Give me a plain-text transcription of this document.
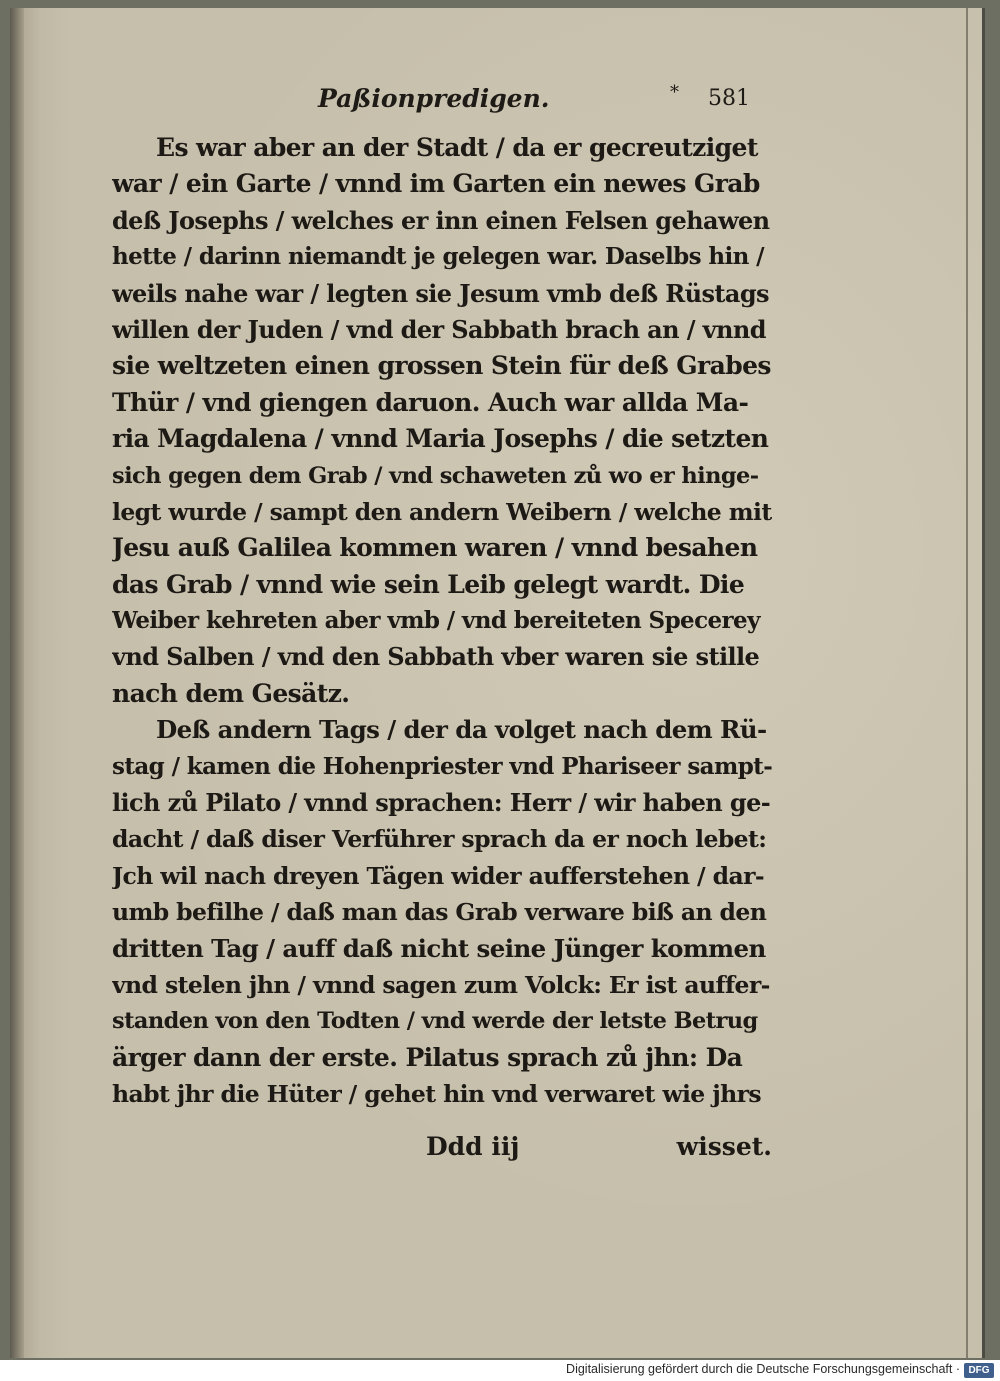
Paßionpredigen.	* 581
Es war aber an der Stadt / da er gecreutziget
war / ein Garte / vnnd im Garten ein newes Grab
deß Josephs / welches er inn einen Felsen gehawen
hette / darinn niemandt je gelegen war. Daselbs hin /
weils nahe war / legten sie Jesum vmb deß Rüstags
willen der Juden / vnd der Sabbath brach an / vnnd
sie weltzeten einen grossen Stein für deß Grabes
Thür / vnd giengen daruon. Auch war allda Ma-
ria Magdalena / vnnd Maria Josephs / die setzten
sich gegen dem Grab / vnd schaweten zů wo er hinge-
legt wurde / sampt den andern Weibern / welche mit
Jesu auß Galilea kommen waren / vnnd besahen
das Grab / vnnd wie sein Leib gelegt wardt. Die
Weiber kehreten aber vmb / vnd bereiteten Specerey
vnd Salben / vnd den Sabbath vber waren sie stille
nach dem Gesätz.
Deß andern Tags / der da volget nach dem Rü-
stag / kamen die Hohenpriester vnd Phariseer sampt-
lich zů Pilato / vnnd sprachen: Herr / wir haben ge-
dacht / daß diser Verführer sprach da er noch lebet:
Jch wil nach dreyen Tägen wider aufferstehen / dar-
umb befilhe / daß man das Grab verware biß an den
dritten Tag / auff daß nicht seine Jünger kommen
vnd stelen jhn / vnnd sagen zum Volck: Er ist auffer-
standen von den Todten / vnd werde der letste Betrug
ärger dann der erste. Pilatus sprach zů jhn: Da
habt jhr die Hüter / gehet hin vnd verwaret wie jhrs
Ddd iij	wisset.
Digitalisierung gefördert durch die Deutsche Forschungsgemeinschaft · DFG
